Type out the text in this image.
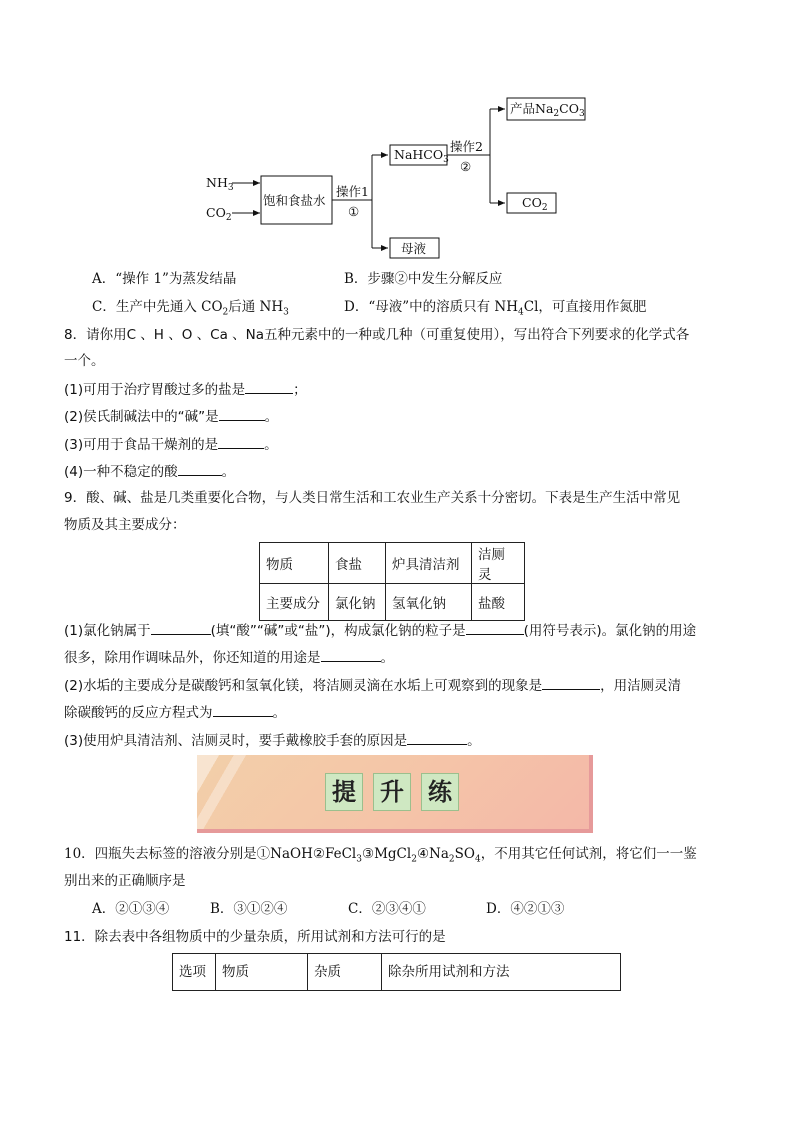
$NH_3$
$CO_2$
饱和食盐水
操作1
①
NaHCO$_3$
操作2
②
产品$Na_2CO_3$
$CO_2$
母液
A．“操作 1”为蒸发结晶	B．步骤②中发生分解反应
C．生产中先通入 $CO_2$后通 $NH_3$	D．“母液”中的溶质只有 $NH_4Cl$，可直接用作氮肥
8．请你用C 、H 、O 、Ca 、Na五种元素中的一种或几种（可重复使用），写出符合下列要求的化学式各
一个。
(1)可用于治疗胃酸过多的盐是	；
(2)侯氏制碱法中的“碱”是	。
(3)可用于食品干燥剂的是	。
(4)一种不稳定的酸	。
9．酸、碱、盐是几类重要化合物，与人类日常生活和工农业生产关系十分密切。下表是生产生活中常见
物质及其主要成分：
物质	食盐	炉具清洁剂	洁厕灵
主要成分	氯化钠	氢氧化钠	盐酸
(1)氯化钠属于	(填“酸”“碱”或“盐”)，构成氯化钠的粒子是	(用符号表示)。氯化钠的用途
很多，除用作调味品外，你还知道的用途是	。
(2)水垢的主要成分是碳酸钙和氢氧化镁，将洁厕灵滴在水垢上可观察到的现象是	，用洁厕灵清
除碳酸钙的反应方程式为	。
(3)使用炉具清洁剂、洁厕灵时，要手戴橡胶手套的原因是	。
提 升 练
10．四瓶失去标签的溶液分别是$①NaOH②FeCl_3③MgCl_2④Na_2SO_4$，不用其它任何试剂，将它们一一鉴
别出来的正确顺序是
A．②①③④	B．③①②④	C．②③④①	D．④②①③
11．除去表中各组物质中的少量杂质，所用试剂和方法可行的是
选项	物质	杂质	除杂所用试剂和方法
